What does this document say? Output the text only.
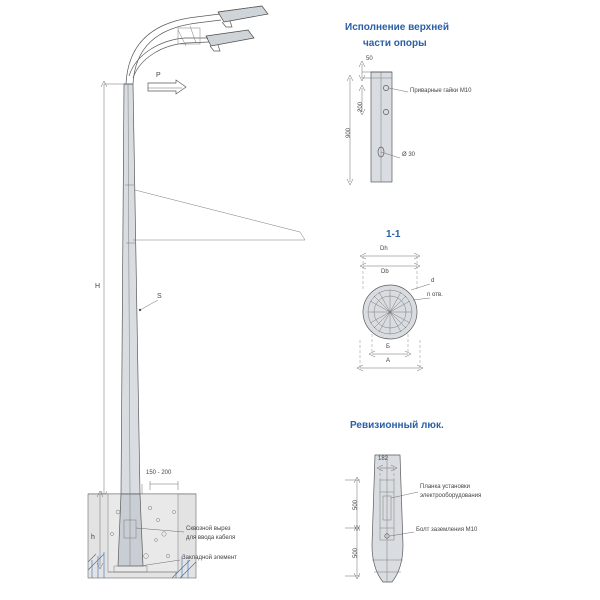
P
H
S
h
150 - 200
Сквозной вырез
для ввода кабеля
Закладной элемент
Исполнение верхней
части опоры
50
200
900
Приварные гайки М10
Ø 30
1-1
Dh
Db
d
n отв.
Б
А
Ревизионный люк.
182
500
500
Планка установки
электрооборудования
Болт заземления М10
